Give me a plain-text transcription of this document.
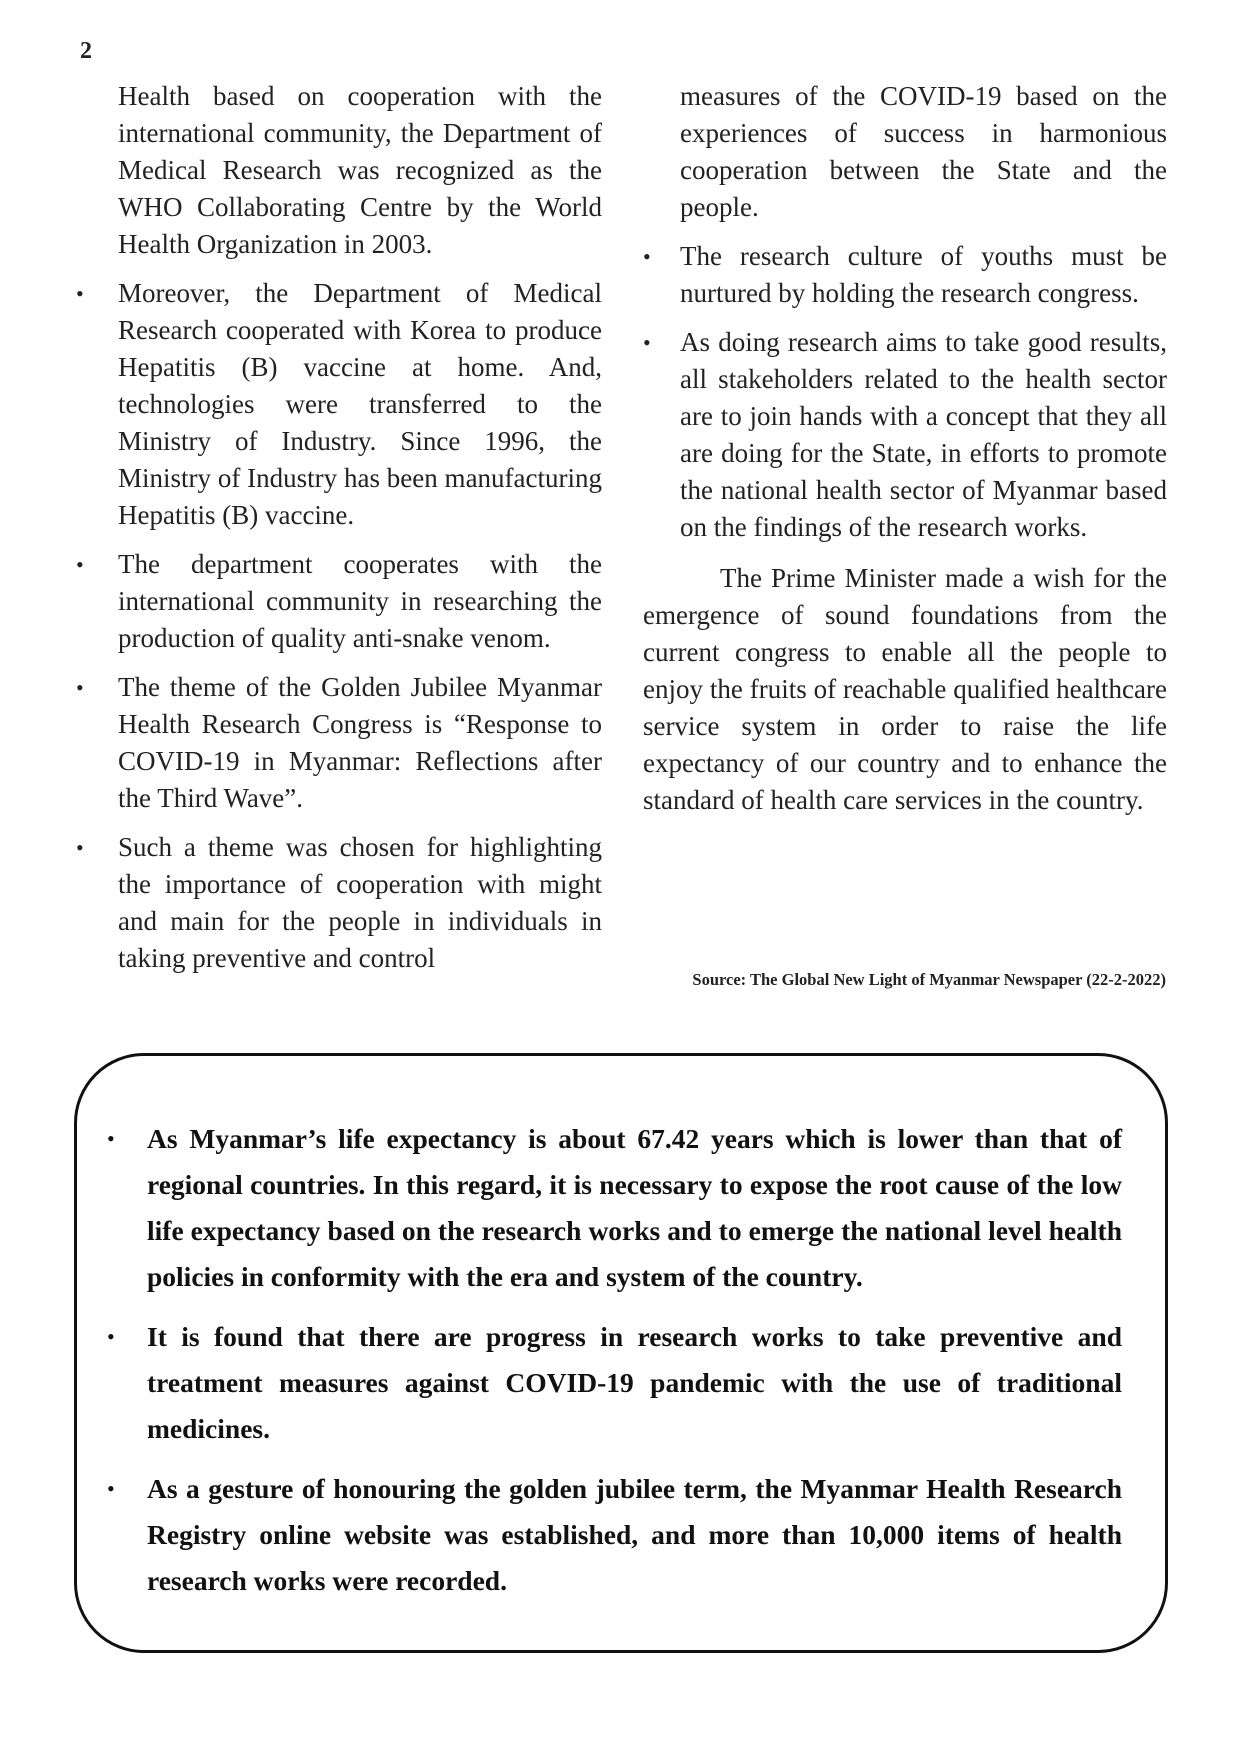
2

Health based on cooperation with the international community, the Department of Medical Research was recognized as the WHO Collaborating Centre by the World Health Organization in 2003.

•	Moreover, the Department of Medical Research cooperated with Korea to produce Hepatitis (B) vaccine at home. And, technologies were transferred to the Ministry of Industry. Since 1996, the Ministry of Industry has been manufacturing Hepatitis (B) vaccine.
•	The department cooperates with the international community in researching the production of quality anti-snake venom.
•	The theme of the Golden Jubilee Myanmar Health Research Congress is “Response to COVID-19 in Myanmar: Reflections after the Third Wave”.
•	Such a theme was chosen for highlighting the importance of cooperation with might and main for the people in individuals in taking preventive and control

measures of the COVID-19 based on the experiences of success in harmonious cooperation between the State and the people.

•	The research culture of youths must be nurtured by holding the research congress.
•	As doing research aims to take good results, all stakeholders related to the health sector are to join hands with a concept that they all are doing for the State, in efforts to promote the national health sector of Myanmar based on the findings of the research works.

The Prime Minister made a wish for the emergence of sound foundations from the current congress to enable all the people to enjoy the fruits of reachable qualified healthcare service system in order to raise the life expectancy of our country and to enhance the standard of health care services in the country.

Source: The Global New Light of Myanmar Newspaper (22-2-2022)
• As Myanmar’s life expectancy is about 67.42 years which is lower than that of regional countries. In this regard, it is necessary to expose the root cause of the low life expectancy based on the research works and to emerge the national level health policies in conformity with the era and system of the country.
• It is found that there are progress in research works to take preventive and treatment measures against COVID-19 pandemic with the use of traditional medicines.
• As a gesture of honouring the golden jubilee term, the Myanmar Health Research Registry online website was established, and more than 10,000 items of health research works were recorded.
